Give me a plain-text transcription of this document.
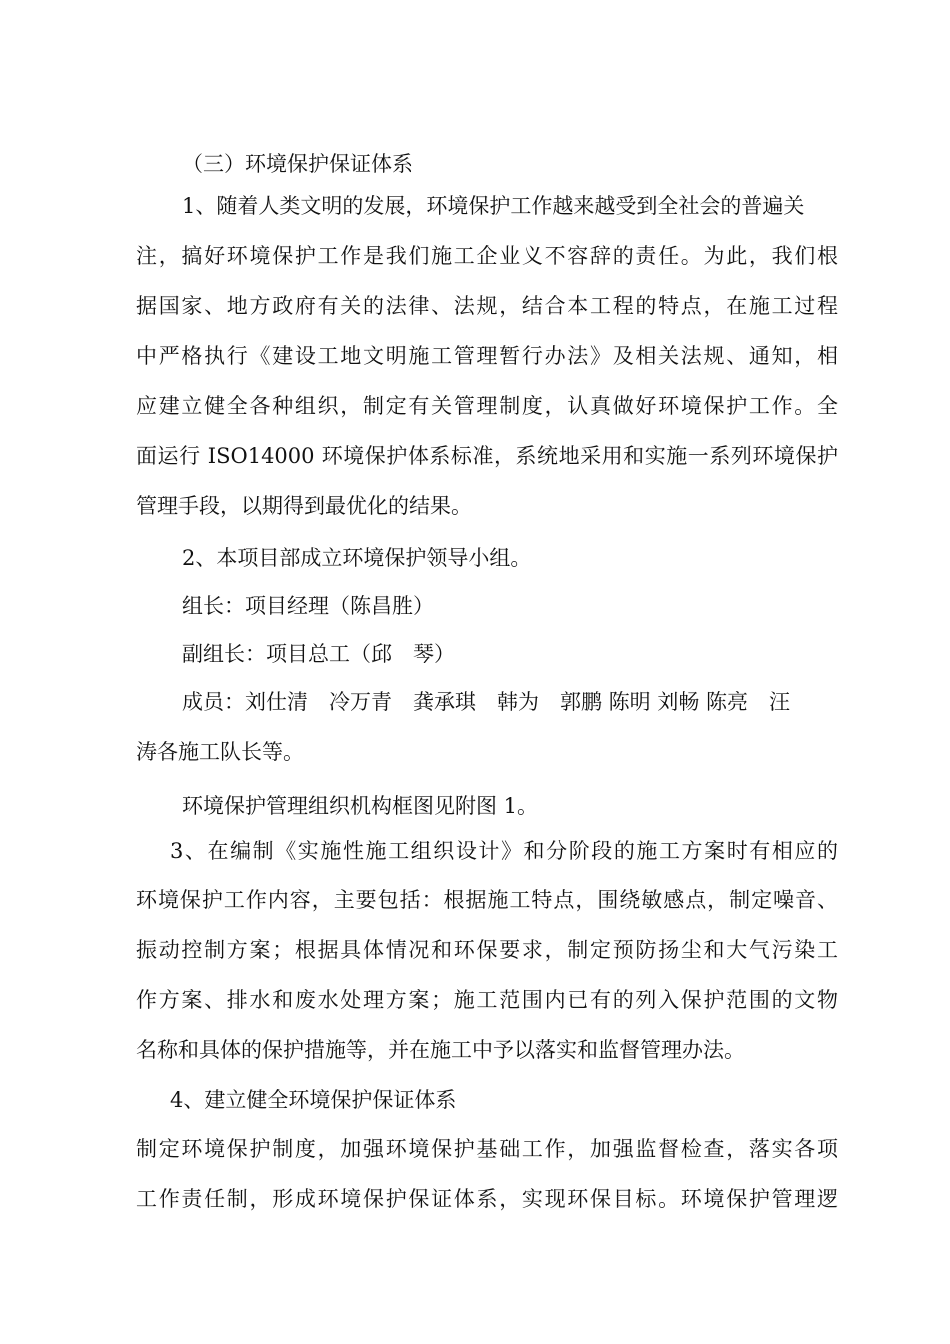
（三）环境保护保证体系
1、随着人类文明的发展，环境保护工作越来越受到全社会的普遍关
注，搞好环境保护工作是我们施工企业义不容辞的责任。为此，我们根
据国家、地方政府有关的法律、法规，结合本工程的特点，在施工过程
中严格执行《建设工地文明施工管理暂行办法》及相关法规、通知，相
应建立健全各种组织，制定有关管理制度，认真做好环境保护工作。全
面运行 ISO14000 环境保护体系标准，系统地采用和实施一系列环境保护
管理手段，以期得到最优化的结果。
2、本项目部成立环境保护领导小组。
组长：项目经理（陈昌胜）
副组长：项目总工（邱　琴）
成员：刘仕清　冷万青　龚承琪　韩为　郭鹏 陈明 刘畅 陈亮　汪
涛各施工队长等。
环境保护管理组织机构框图见附图 1。
3、在编制《实施性施工组织设计》和分阶段的施工方案时有相应的
环境保护工作内容，主要包括：根据施工特点，围绕敏感点，制定噪音、
振动控制方案；根据具体情况和环保要求，制定预防扬尘和大气污染工
作方案、排水和废水处理方案；施工范围内已有的列入保护范围的文物
名称和具体的保护措施等，并在施工中予以落实和监督管理办法。
4、建立健全环境保护保证体系
制定环境保护制度，加强环境保护基础工作，加强监督检查，落实各项
工作责任制，形成环境保护保证体系，实现环保目标。环境保护管理逻
